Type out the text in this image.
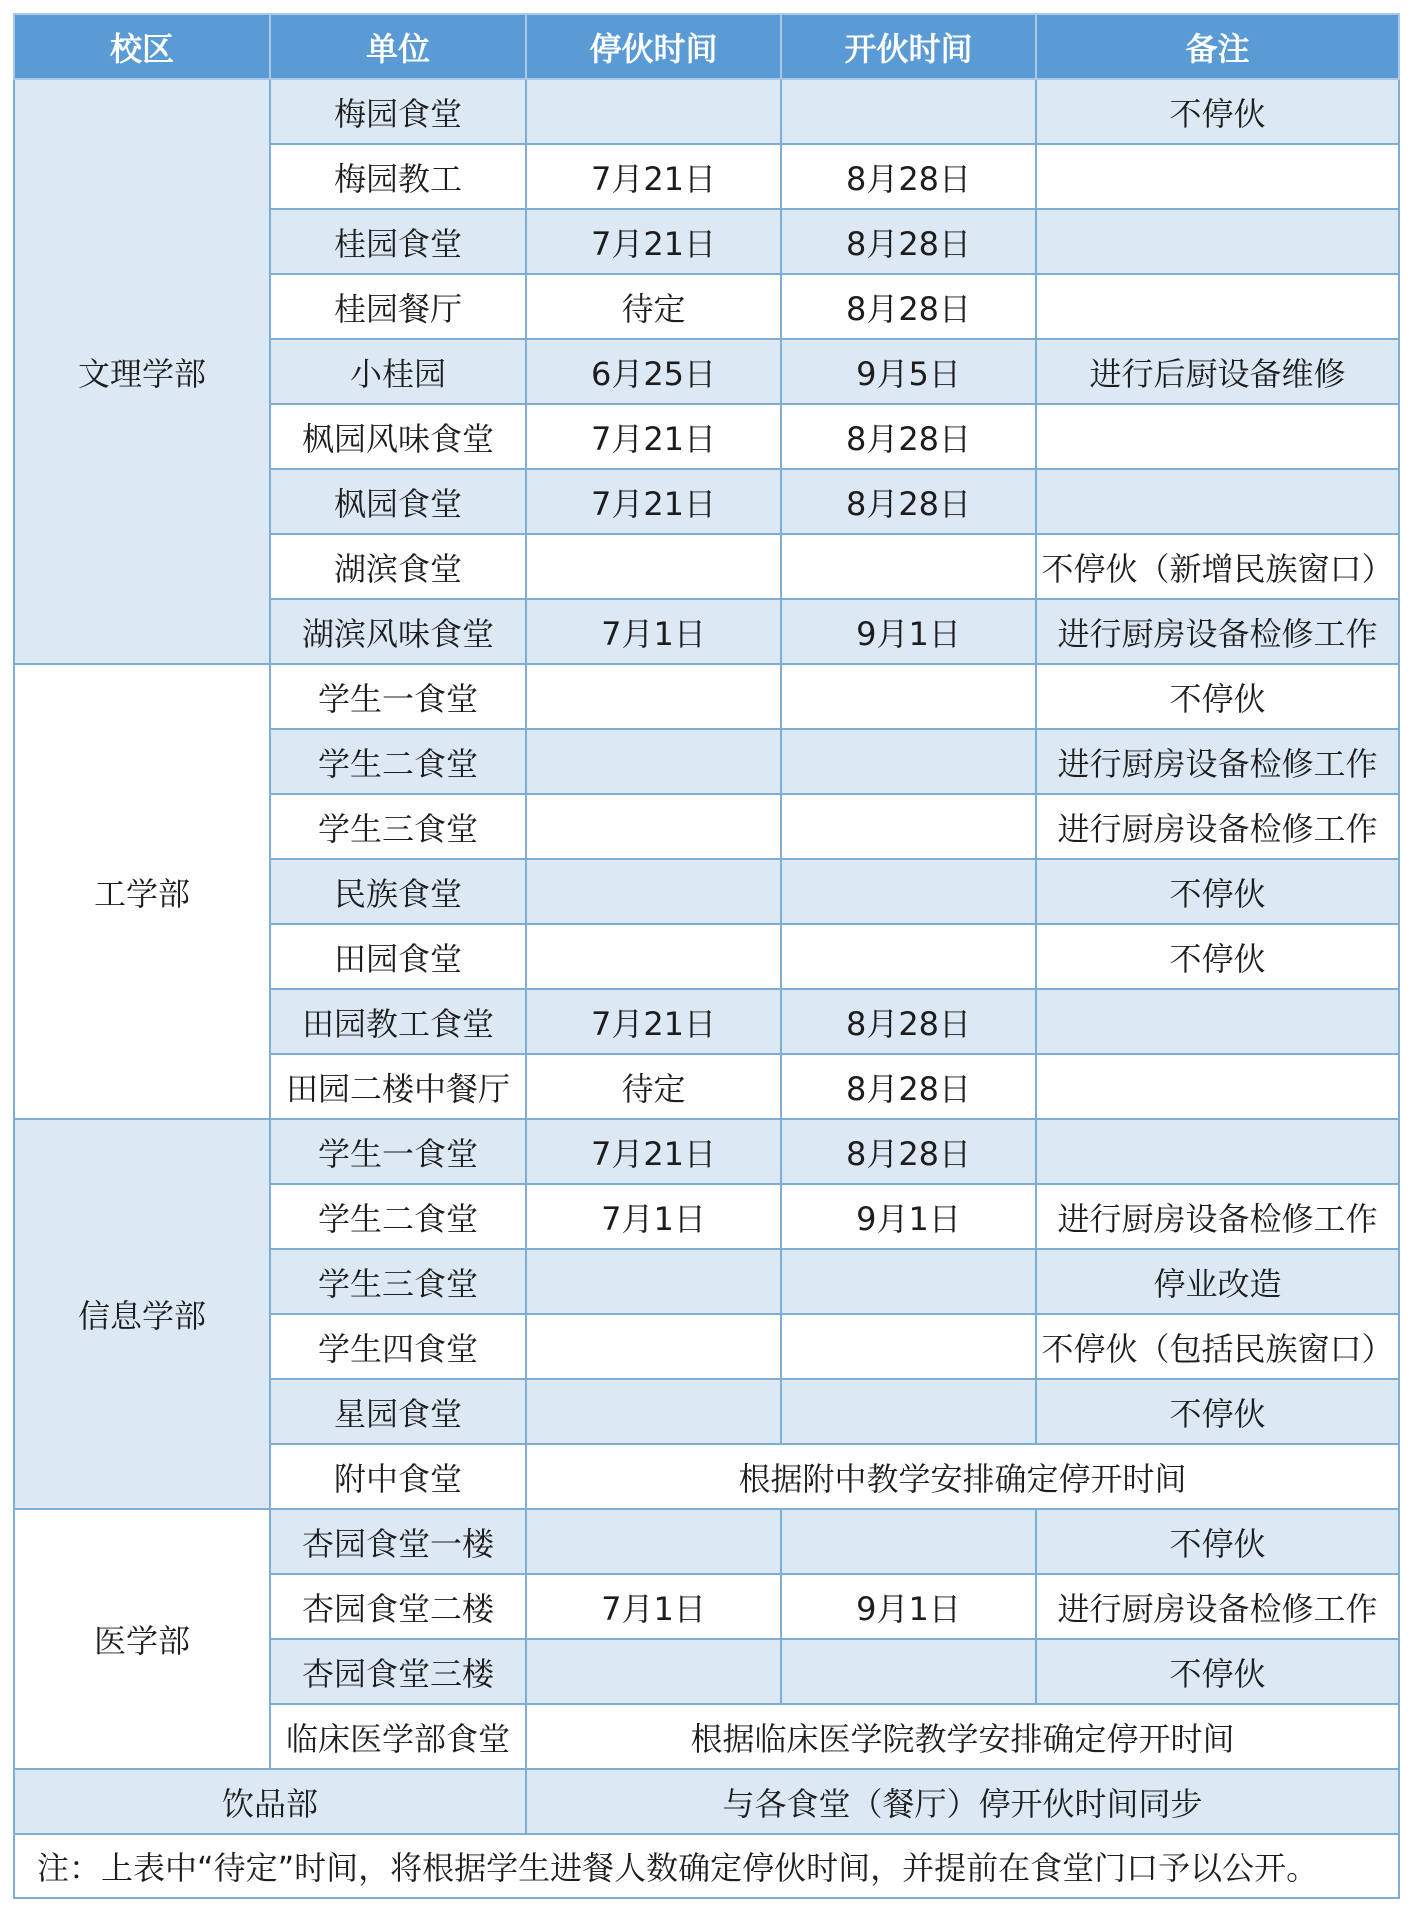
校区	单位	停伙时间	开伙时间	备注
文理学部	梅园食堂			不停伙
	梅园教工	7月21日	8月28日	
	桂园食堂	7月21日	8月28日	
	桂园餐厅	待定	8月28日	
	小桂园	6月25日	9月5日	进行后厨设备维修
	枫园风味食堂	7月21日	8月28日	
	枫园食堂	7月21日	8月28日	
	湖滨食堂			不停伙（新增民族窗口）
	湖滨风味食堂	7月1日	9月1日	进行厨房设备检修工作
工学部	学生一食堂			不停伙
	学生二食堂			进行厨房设备检修工作
	学生三食堂			进行厨房设备检修工作
	民族食堂			不停伙
	田园食堂			不停伙
	田园教工食堂	7月21日	8月28日	
	田园二楼中餐厅	待定	8月28日	
信息学部	学生一食堂	7月21日	8月28日	
	学生二食堂	7月1日	9月1日	进行厨房设备检修工作
	学生三食堂			停业改造
	学生四食堂			不停伙（包括民族窗口）
	星园食堂			不停伙
	附中食堂	根据附中教学安排确定停开时间		
医学部	杏园食堂一楼			不停伙
	杏园食堂二楼	7月1日	9月1日	进行厨房设备检修工作
	杏园食堂三楼			不停伙
	临床医学部食堂	根据临床医学院教学安排确定停开时间		
饮品部		与各食堂（餐厅）停开伙时间同步		
注：上表中“待定”时间，将根据学生进餐人数确定停伙时间，并提前在食堂门口予以公开。				
